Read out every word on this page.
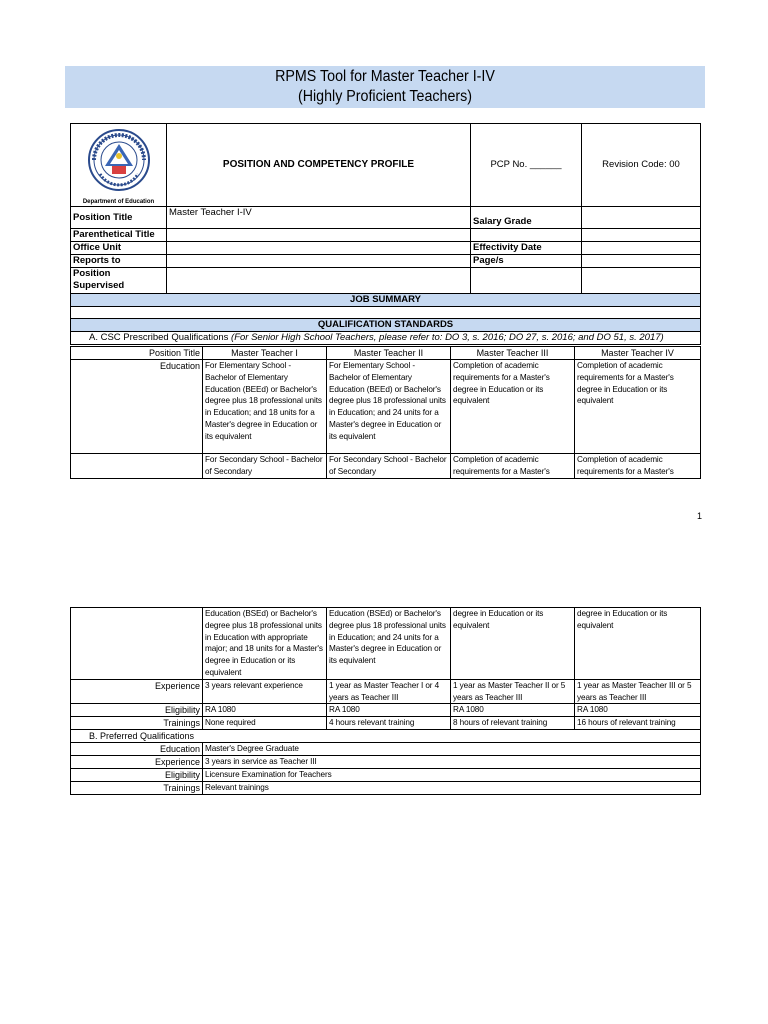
RPMS Tool for Master Teacher I-IV
(Highly Proficient Teachers)
Department of Education	POSITION AND COMPETENCY PROFILE	PCP No. ______	Revision Code: 00
Position Title	Master Teacher I-IV	Salary Grade	
Parenthetical Title			
Office Unit		Effectivity Date	
Reports to		Page/s	
Position Supervised			
JOB SUMMARY			

QUALIFICATION STANDARDS			
A. CSC Prescribed Qualifications (For Senior High School Teachers, please refer to: DO 3, s. 2016; DO 27, s. 2016; and DO 51, s. 2017)			
Position Title	Master Teacher I	Master Teacher II	Master Teacher III	Master Teacher IV
Education	For Elementary School - Bachelor of Elementary Education (BEEd) or Bachelor's degree plus 18 professional units in Education; and 18 units for a Master's degree in Education or its equivalent	For Elementary School - Bachelor of Elementary Education (BEEd) or Bachelor's degree plus 18 professional units in Education; and 24 units for a Master's degree in Education or its equivalent	Completion of academic requirements for a Master's degree in Education or its equivalent	Completion of academic requirements for a Master's degree in Education or its equivalent
	For Secondary School - Bachelor of Secondary	For Secondary School - Bachelor of Secondary	Completion of academic requirements for a Master's	Completion of academic requirements for a Master's
1
	Education (BSEd) or Bachelor's degree plus 18 professional units in Education with appropriate major; and 18 units for a Master's degree in Education or its equivalent	Education (BSEd) or Bachelor's degree plus 18 professional units in Education; and 24 units for a Master's degree in Education or its equivalent	degree in Education or its equivalent	degree in Education or its equivalent
Experience	3 years relevant experience	1 year as Master Teacher I or 4 years as Teacher III	1 year as Master Teacher II or 5 years as Teacher III	1 year as Master Teacher III or 5 years as Teacher III
Eligibility	RA 1080	RA 1080	RA 1080	RA 1080
Trainings	None required	4 hours relevant training	8 hours of relevant training	16 hours of relevant training
B. Preferred Qualifications				
Education	Master's Degree Graduate			
Experience	3 years in service as Teacher III			
Eligibility	Licensure Examination for Teachers			
Trainings	Relevant trainings			
